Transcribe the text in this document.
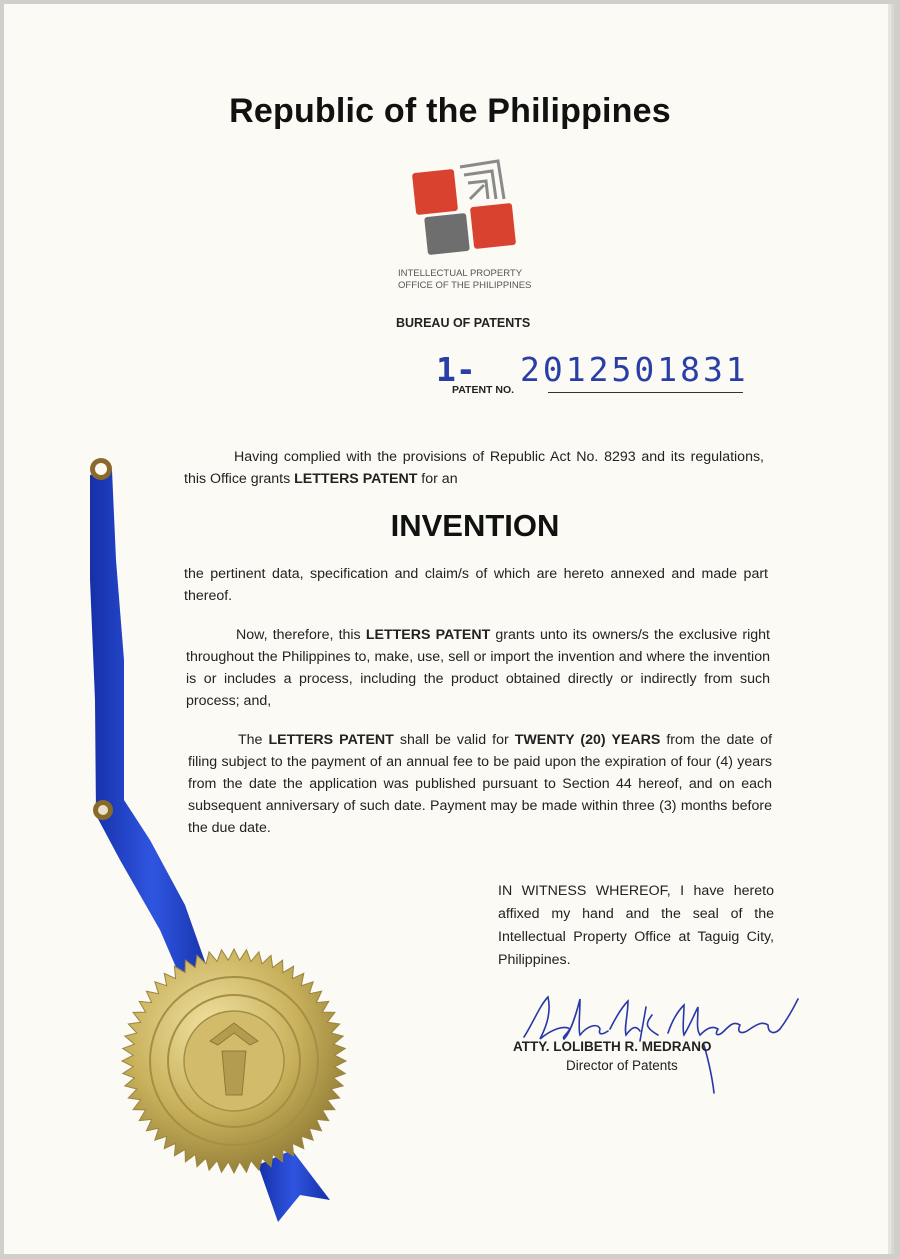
Republic of the Philippines
INTELLECTUAL PROPERTY
OFFICE OF THE PHILIPPINES
BUREAU OF PATENTS
1- 2012501831
PATENT NO.
Having complied with the provisions of Republic Act No. 8293 and its regulations, this Office grants LETTERS PATENT for an
INVENTION
the pertinent data, specification and claim/s of which are hereto annexed and made part thereof.
Now, therefore, this LETTERS PATENT grants unto its owners/s the exclusive right throughout the Philippines to, make, use, sell or import the invention and where the invention is or includes a process, including the product obtained directly or indirectly from such process; and,
The LETTERS PATENT shall be valid for TWENTY (20) YEARS from the date of filing subject to the payment of an annual fee to be paid upon the expiration of four (4) years from the date the application was published pursuant to Section 44 hereof, and on each subsequent anniversary of such date. Payment may be made within three (3) months before the due date.
IN WITNESS WHEREOF, I have hereto affixed my hand and the seal of the Intellectual Property Office at Taguig City, Philippines.
ATTY. LOLIBETH R. MEDRANO
Director of Patents
